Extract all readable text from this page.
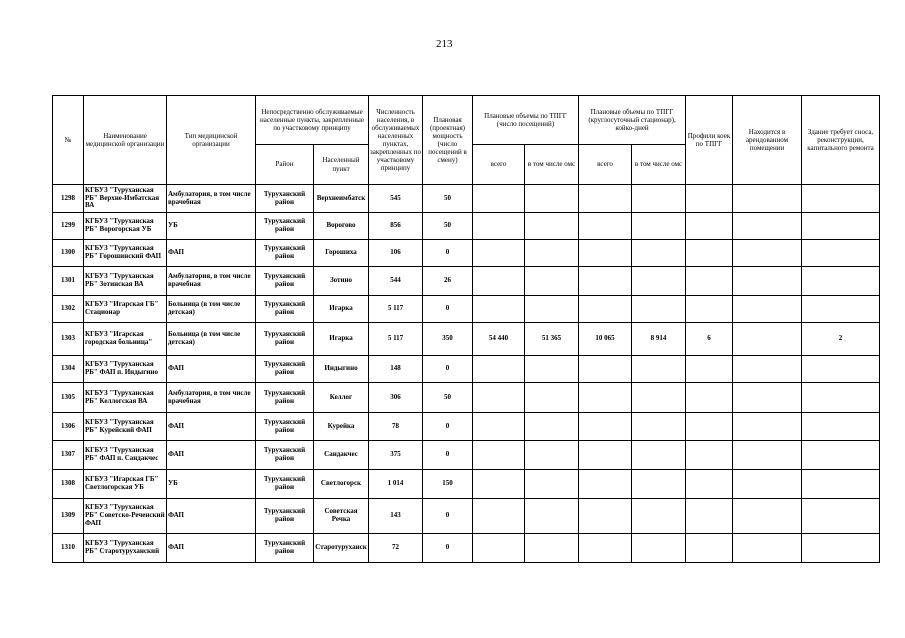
213
№	Наименование медицинской организации	Тип медицинской организации	Непосредственно обслуживаемые населенные пункты, закрепленные по участковому принципу		Численность населения, в обслуживаемых населенных пунктах, закрепленных по участковому принципу	Плановая (проектная) мощность (число посещений в смену)	Плановые объемы по ТПГГ (число посещений)		Плановые объемы по ТПГГ (круглосуточный стационар), койко-дней		Профили коек по ТПГГ	Находится в арендованном помещении	Здание требует сноса, реконструкции, капитального ремонта
			Район	Населенный пункт			всего	в том числе омс	всего	в том числе омс			
1298	КГБУЗ "Туруханская РБ" Верхне-Имбатская ВА	Амбулатория, в том числе врачебная	Туруханский район	Верхнеимбатск	545	50							
1299	КГБУЗ "Туруханская РБ" Ворогорская УБ	УБ	Туруханский район	Ворогово	856	50							
1300	КГБУЗ "Туруханская РБ" Горошинский ФАП	ФАП	Туруханский район	Горошиха	106	0							
1301	КГБУЗ "Туруханская РБ" Зотинская ВА	Амбулатория, в том числе врачебная	Туруханский район	Зотино	544	26							
1302	КГБУЗ "Игарская ГБ" Стационар	Больница (в том числе детская)	Туруханский район	Игарка	5 117	0							
1303	КГБУЗ "Игарская городская больница"	Больница (в том числе детская)	Туруханский район	Игарка	5 117	350	54 440	51 365	10 065	8 914	6		2
1304	КГБУЗ "Туруханская РБ" ФАП п. Индыгино	ФАП	Туруханский район	Индыгино	148	0							
1305	КГБУЗ "Туруханская РБ" Келлогская ВА	Амбулатория, в том числе врачебная	Туруханский район	Келлог	306	50							
1306	КГБУЗ "Туруханская РБ" Курейский ФАП	ФАП	Туруханский район	Курейка	78	0							
1307	КГБУЗ "Туруханская РБ" ФАП п. Сандакчес	ФАП	Туруханский район	Сандакчес	375	0							
1308	КГБУЗ "Игарская ГБ" Светлогорская УБ	УБ	Туруханский район	Светлогорск	1 014	150							
1309	КГБУЗ "Туруханская РБ" Советско-Реченский ФАП	ФАП	Туруханский район	Советская Речка	143	0							
1310	КГБУЗ "Туруханская РБ" Старотуруханский	ФАП	Туруханский район	Старотуруханск	72	0							
